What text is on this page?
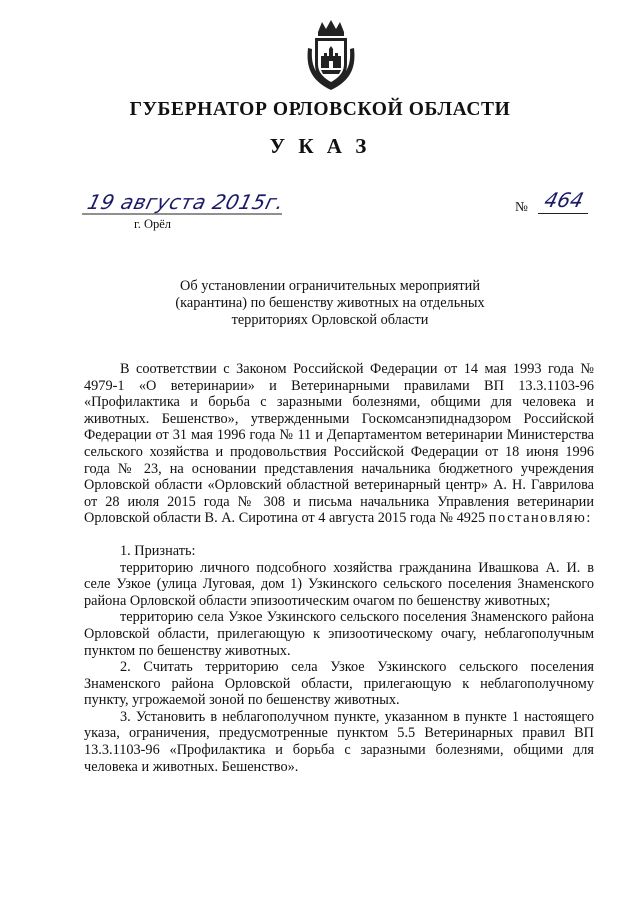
ГУБЕРНАТОР ОРЛОВСКОЙ ОБЛАСТИ
У К А З
19 августа 2015г.
г. Орёл
№ 464
Об установлении ограничительных мероприятий
(карантина) по бешенству животных на отдельных
территориях Орловской области

В соответствии с Законом Российской Федерации от 14 мая 1993 года № 4979-1 «О ветеринарии» и Ветеринарными правилами ВП 13.3.1103-96 «Профилактика и борьба с заразными болезнями, общими для человека и животных. Бешенство», утвержденными Госкомсанэпиднадзором Российской Федерации от 31 мая 1996 года № 11 и Департаментом ветеринарии Министерства сельского хозяйства и продовольствия Российской Федерации от 18 июня 1996 года № 23, на основании представления начальника бюджетного учреждения Орловской области «Орловский областной ветеринарный центр» А. Н. Гаврилова от 28 июля 2015 года № 308 и письма начальника Управления ветеринарии Орловской области В. А. Сиротина от 4 августа 2015 года № 4925 постановляю:

1. Признать:

территорию личного подсобного хозяйства гражданина Ивашкова А. И. в селе Узкое (улица Луговая, дом 1) Узкинского сельского поселения Знаменского района Орловской области эпизоотическим очагом по бешенству животных;

территорию села Узкое Узкинского сельского поселения Знаменского района Орловской области, прилегающую к эпизоотическому очагу, неблагополучным пунктом по бешенству животных.

2. Считать территорию села Узкое Узкинского сельского поселения Знаменского района Орловской области, прилегающую к неблагополучному пункту, угрожаемой зоной по бешенству животных.

3. Установить в неблагополучном пункте, указанном в пункте 1 настоящего указа, ограничения, предусмотренные пунктом 5.5 Ветеринарных правил ВП 13.3.1103-96 «Профилактика и борьба с заразными болезнями, общими для человека и животных. Бешенство».
